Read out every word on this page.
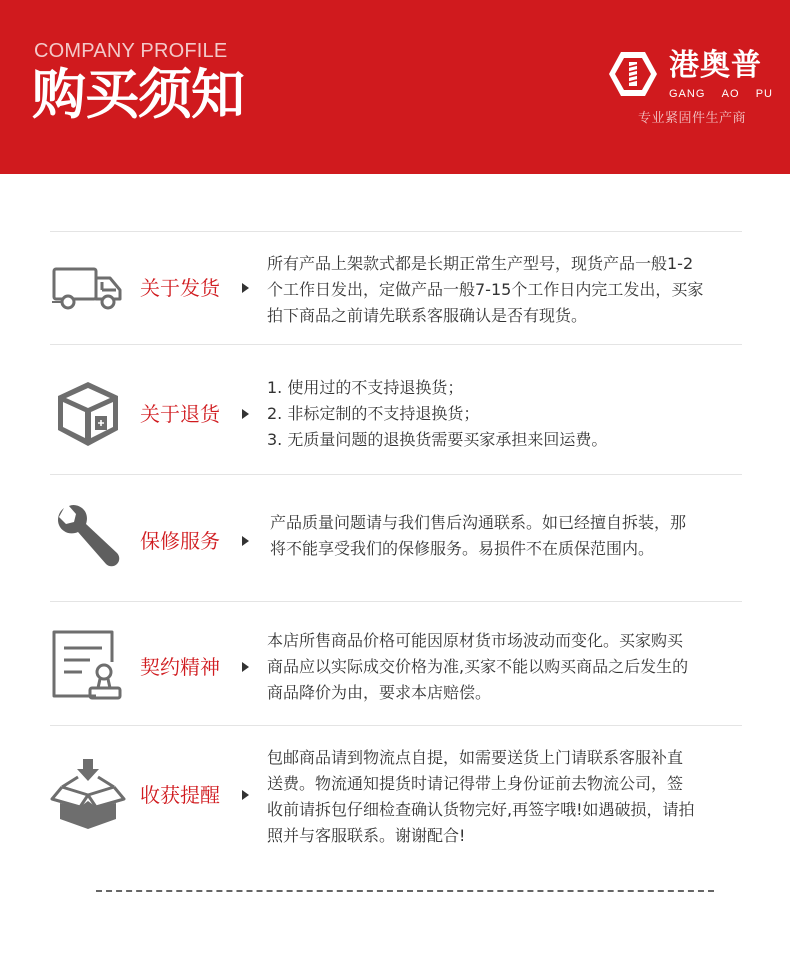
COMPANY PROFILE
购买须知	港奥普
GANG AO PU
专业紧固件生产商
关于发货
所有产品上架款式都是长期正常生产型号，现货产品一般1-2
个工作日发出，定做产品一般7-15个工作日内完工发出，买家
拍下商品之前请先联系客服确认是否有现货。
关于退货
1. 使用过的不支持退换货；
2. 非标定制的不支持退换货；
3. 无质量问题的退换货需要买家承担来回运费。
保修服务
产品质量问题请与我们售后沟通联系。如已经擅自拆装，那
将不能享受我们的保修服务。易损件不在质保范围内。
契约精神
本店所售商品价格可能因原材货市场波动而变化。买家购买
商品应以实际成交价格为准,买家不能以购买商品之后发生的
商品降价为由，要求本店赔偿。
收获提醒
包邮商品请到物流点自提，如需要送货上门请联系客服补直
送费。物流通知提货时请记得带上身份证前去物流公司，签
收前请拆包仔细检查确认货物完好,再签字哦!如遇破损，请拍
照并与客服联系。谢谢配合!
